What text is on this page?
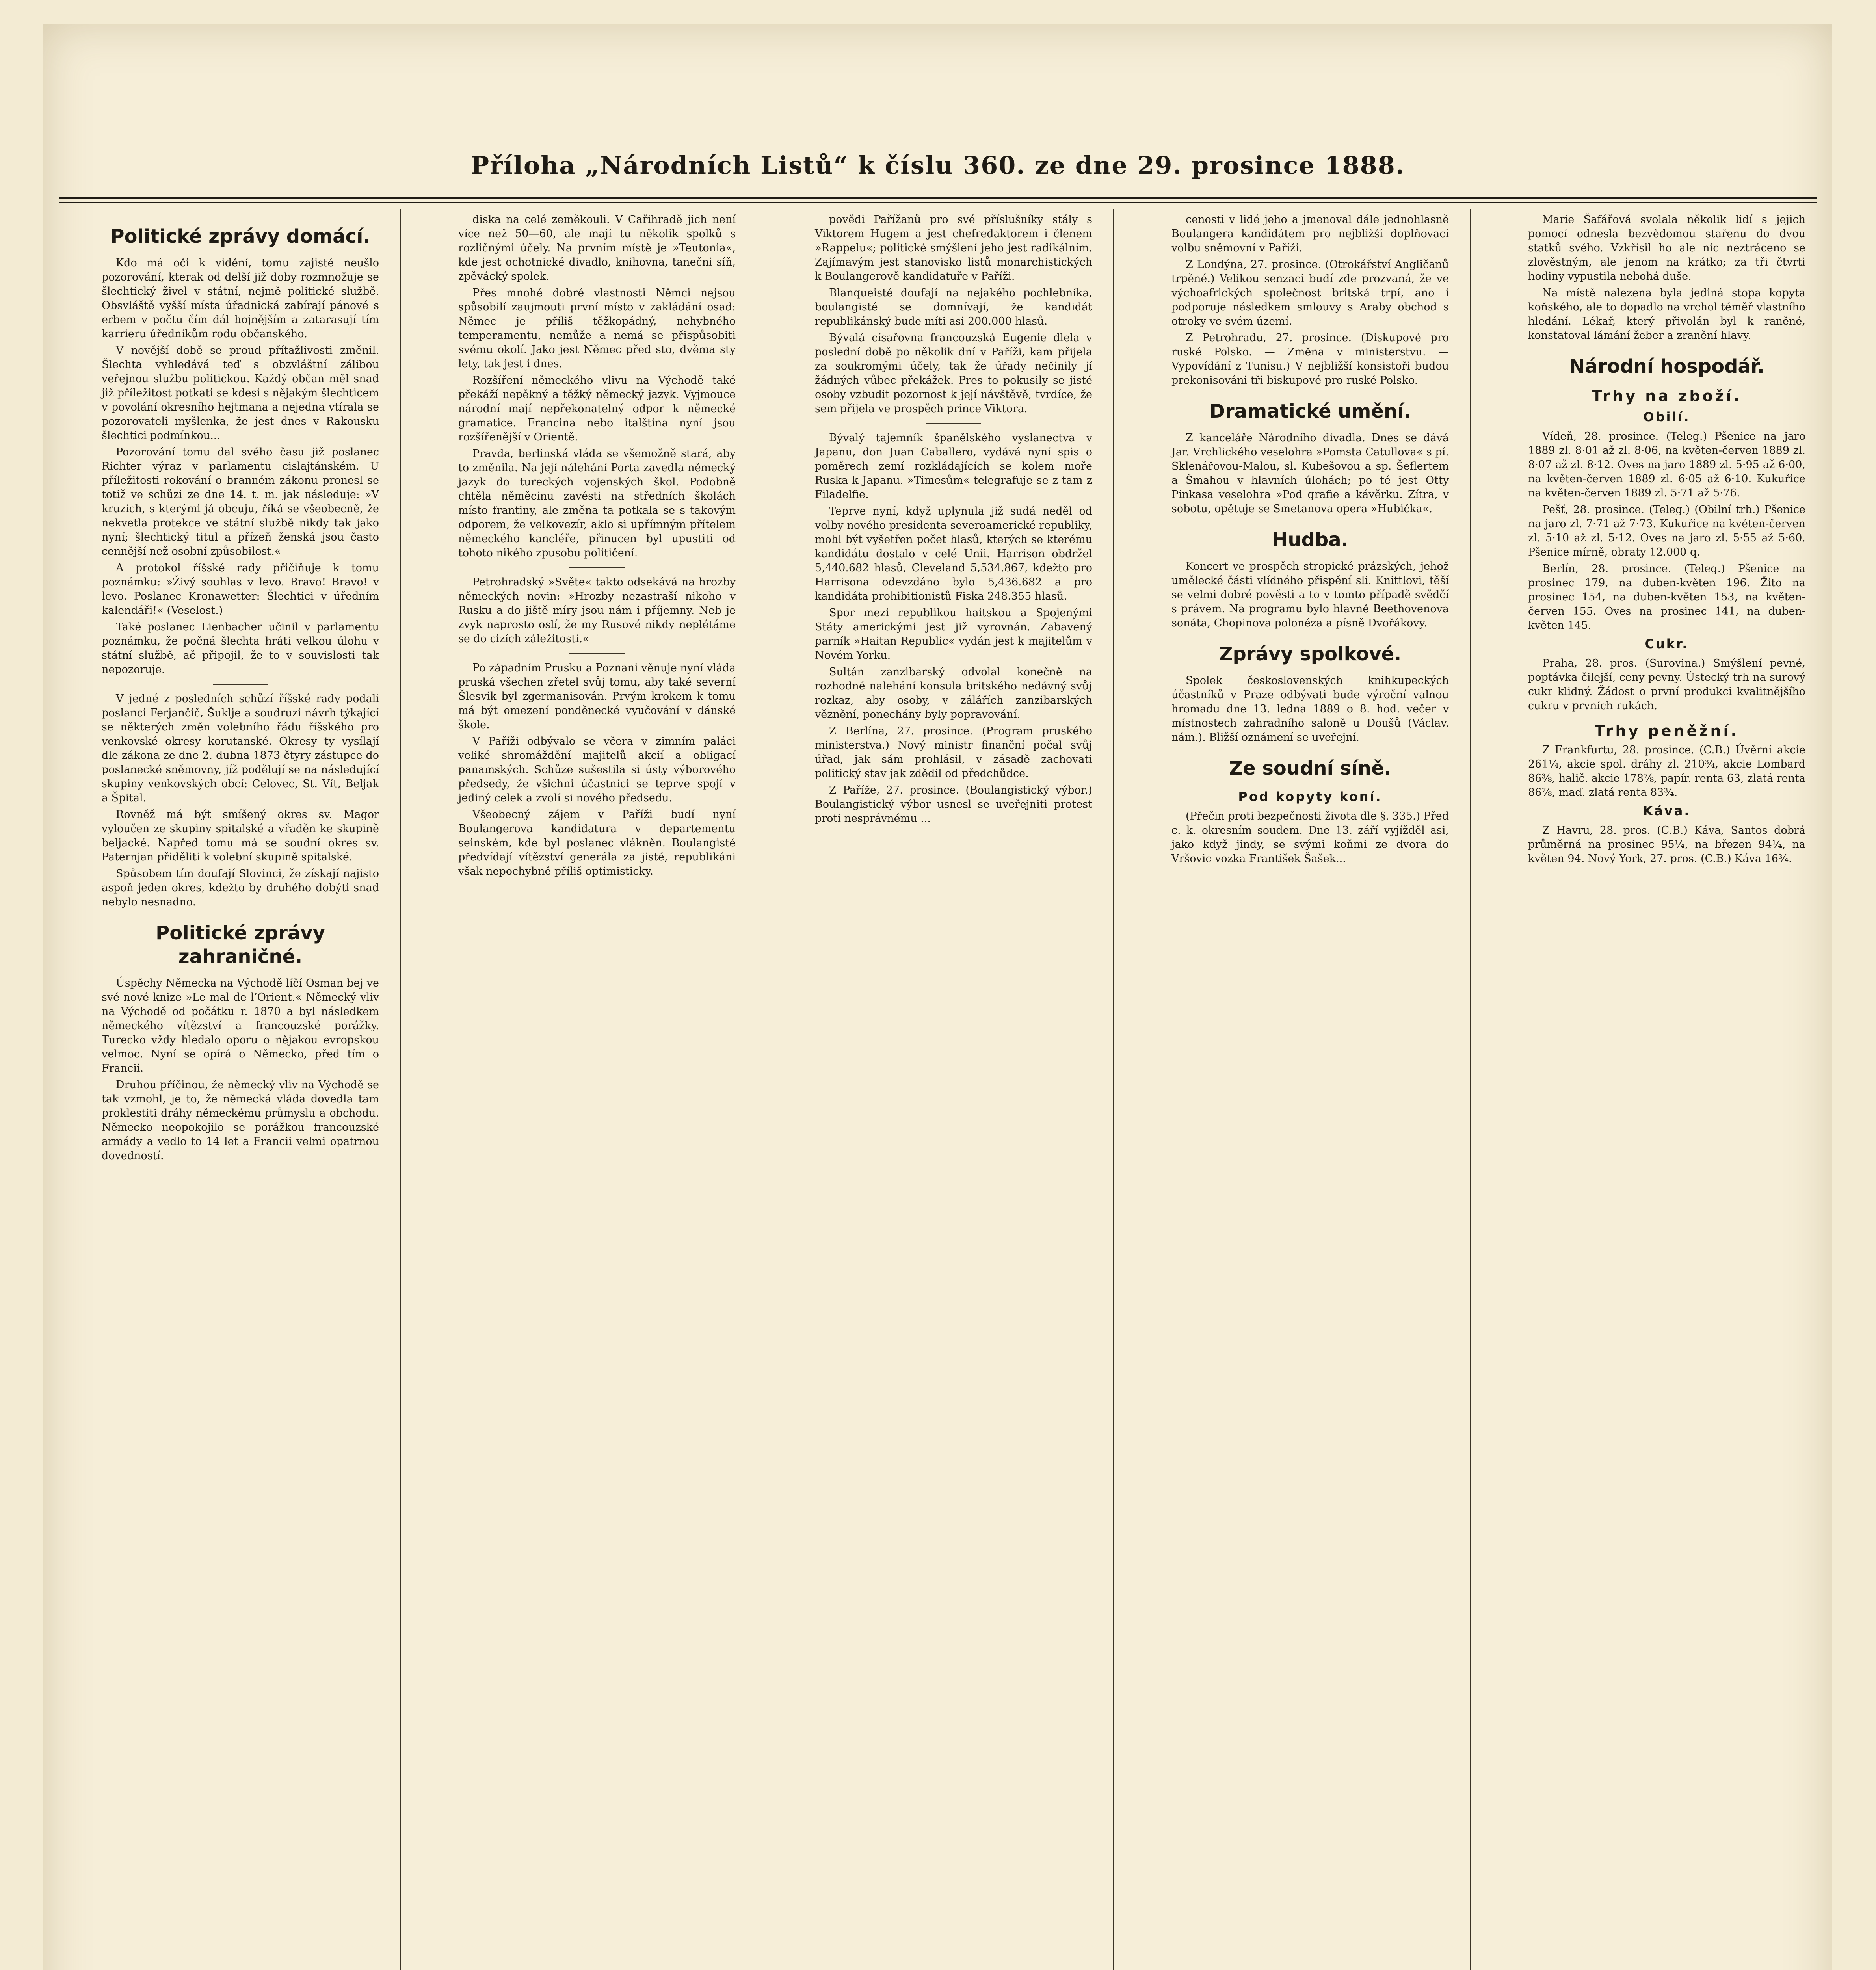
Příloha „Národních Listů“ k číslu 360. ze dne 29. prosince 1888.
Politické zprávy domácí.

Kdo má oči k vidění, tomu zajisté neušlo pozorování, kterak od delší již doby rozmnožuje se šlechtický živel v státní, nejmě politické službě. Obsvláště vyšší místa úřadnická zabírají pánové s erbem v počtu čím dál hojnějším a zatarasují tím karrieru úředníkům rodu občanského.

V novější době se proud přítažlivosti změnil. Šlechta vyhledává teď s obzvláštní zálibou veřejnou službu politickou. Každý občan měl snad již příležitost potkati se kdesi s nějakým šlechticem v povolání okresního hejtmana a nejedna vtírala se pozorovateli myšlenka, že jest dnes v Rakousku šlechtici podmínkou...

Pozorování tomu dal svého času již poslanec Richter výraz v parlamentu cislajtánském. U příležitosti rokování o branném zákonu pronesl se totiž ve schůzi ze dne 14. t. m. jak následuje: »V kruzích, s kterými já obcuju, říká se všeobecně, že nekvetla protekce ve státní službě nikdy tak jako nyní; šlechtický titul a přízeň ženská jsou často cennější než osobní způsobilost.«

A protokol říšské rady přičiňuje k tomu poznámku: »Živý souhlas v levo. Bravo! Bravo! v levo. Poslanec Kronawetter: Šlechtici v úředním kalendáři!« (Veselost.)

Také poslanec Lienbacher učinil v parlamentu poznámku, že počná šlechta hráti velkou úlohu v státní službě, ač připojil, že to v souvislosti tak nepozoruje.

V jedné z posledních schůzí říšské rady podali poslanci Ferjančič, Šuklje a soudruzi návrh týkající se některých změn volebního řádu říšského pro venkovské okresy korutanské. Okresy ty vysílají dle zákona ze dne 2. dubna 1873 čtyry zástupce do poslanecké sněmovny, jíž podělují se na následující skupiny venkovských obcí: Celovec, St. Vít, Beljak a Špital.

Rovněž má být smíšený okres sv. Magor vyloučen ze skupiny spitalské a vřaděn ke skupině beljacké. Napřed tomu má se soudní okres sv. Paternjan přiděliti k volební skupině spitalské.

Spůsobem tím doufají Slovinci, že získají najisto aspoň jeden okres, kdežto by druhého dobýti snad nebylo nesnadno.

Politické zprávy zahraničné.

Úspěchy Německa na Východě líčí Osman bej ve své nové knize »Le mal de l’Orient.« Německý vliv na Východě od počátku r. 1870 a byl následkem německého vítězství a francouzské porážky. Turecko vždy hledalo oporu o nějakou evropskou velmoc. Nyní se opírá o Německo, před tím o Francii.

Druhou příčinou, že německý vliv na Východě se tak vzmohl, je to, že německá vláda dovedla tam proklestiti dráhy německému průmyslu a obchodu. Německo neopokojilo se porážkou francouzské armády a vedlo to 14 let a Francii velmi opatrnou dovedností.

diska na celé zeměkouli. V Cařihradě jich není více než 50—60, ale mají tu několik spolků s rozličnými účely. Na prvním místě je »Teutonia«, kde jest ochotnické divadlo, knihovna, tanečni síň, zpěvácký spolek.

Přes mnohé dobré vlastnosti Němci nejsou spůsobilí zaujmouti první místo v zakládání osad: Němec je příliš těžkopádný, nehybného temperamentu, nemůže a nemá se přispůsobiti svému okolí. Jako jest Němec před sto, dvěma sty lety, tak jest i dnes.

Rozšíření německého vlivu na Východě také překáží nepěkný a těžký německý jazyk. Vyjmouce národní mají nepřekonatelný odpor k německé gramatice. Francina nebo italština nyní jsou rozšířenější v Orientě.

Pravda, berlinská vláda se všemožně stará, aby to změnila. Na její nálehání Porta zavedla německý jazyk do tureckých vojenských škol. Podobně chtěla něměcinu zavésti na středních školách místo frantiny, ale změna ta potkala se s takovým odporem, že velkovezír, aklo si upřímným přítelem německého kancléře, přinucen byl upustiti od tohoto nikého zpusobu političení.

Petrohradský »Světe« takto odsekává na hrozby německých novin: »Hrozby nezastraší nikoho v Rusku a do jiště míry jsou nám i příjemny. Neb je zvyk naprosto oslí, že my Rusové nikdy neplétáme se do cizích záležitostí.«

Po západním Prusku a Poznani věnuje nyní vláda pruská všechen zřetel svůj tomu, aby také severní Šlesvik byl zgermanisován. Prvým krokem k tomu má být omezení ponděnecké vyučování v dánské škole.

V Paříži odbývalo se včera v zimním paláci veliké shromáždění majitelů akcií a obligací panamských. Schůze sušestila si ústy výborového předsedy, že všichni účastníci se teprve spojí v jediný celek a zvolí si nového předsedu.

Všeobecný zájem v Paříži budí nyní Boulangerova kandidatura v departementu seinském, kde byl poslanec vlákněn. Boulangisté předvídají vítězství generála za jisté, republikáni však nepochybně příliš optimisticky.

povědi Pařížanů pro své příslušníky stály s Viktorem Hugem a jest chefredaktorem i členem »Rappelu«; politické smýšlení jeho jest radikálním. Zajímavým jest stanovisko listů monarchistických k Boulangerově kandidatuře v Paříži.

Blanqueisté doufají na nejakého pochlebníka, boulangisté se domnívají, že kandidát republikánský bude míti asi 200.000 hlasů.

Bývalá císařovna francouzská Eugenie dlela v poslední době po několik dní v Paříži, kam přijela za soukromými účely, tak že úřady nečinily jí žádných vůbec překážek. Pres to pokusily se jisté osoby vzbudit pozornost k její návštěvě, tvrdíce, že sem přijela ve prospěch prince Viktora.

Bývalý tajemník španělského vyslanectva v Japanu, don Juan Caballero, vydává nyní spis o poměrech zemí rozkládajících se kolem moře Ruska k Japanu. »Timesům« telegrafuje se z tam z Filadelfie.

Teprve nyní, když uplynula již sudá neděl od volby nového presidenta severoamerické republiky, mohl být vyšetřen počet hlasů, kterých se kterému kandidátu dostalo v celé Unii. Harrison obdržel 5,440.682 hlasů, Cleveland 5,534.867, kdežto pro Harrisona odevzdáno bylo 5,436.682 a pro kandidáta prohibitionistů Fiska 248.355 hlasů.

Spor mezi republikou haitskou a Spojenými Státy americkými jest již vyrovnán. Zabavený parník »Haitan Republic« vydán jest k majitelům v Novém Yorku.

Sultán zanzibarský odvolal konečně na rozhodné nalehání konsula britského nedávný svůj rozkaz, aby osoby, v zálářích zanzibarských věznění, ponechány byly popravování.

Z Berlína, 27. prosince. (Program pruského ministerstva.) Nový ministr finanční počal svůj úřad, jak sám prohlásil, v zásadě zachovati politický stav jak zdědil od předchůdce.

Z Paříže, 27. prosince. (Boulangistický výbor.) Boulangistický výbor usnesl se uveřejniti protest proti nesprávnému ...

cenosti v lidé jeho a jmenoval dále jednohlasně Boulangera kandidátem pro nejbližší doplňovací volbu sněmovní v Paříži.

Z Londýna, 27. prosince. (Otrokářství Angličanů trpěné.) Velikou senzaci budí zde prozvaná, že ve výchoafrických společnost britská trpí, ano i podporuje následkem smlouvy s Araby obchod s otroky ve svém území.

Z Petrohradu, 27. prosince. (Diskupové pro ruské Polsko. — Změna v ministerstvu. — Vypovídání z Tunisu.) V nejbližší konsistoři budou prekonisováni tři biskupové pro ruské Polsko.

Dramatické umění.

Z kanceláře Národního divadla. Dnes se dává Jar. Vrchlického veselohra »Pomsta Catullova« s pí. Sklenářovou-Malou, sl. Kubešovou a sp. Šeflertem a Šmahou v hlavních úlohách; po té jest Otty Pinkasa veselohra »Pod grafie a kávěrku. Zítra, v sobotu, opětuje se Smetanova opera »Hubička«.

Hudba.

Koncert ve prospěch stropické prázských, jehož umělecké části vlídného přispění sli. Knittlovi, těší se velmi dobré pověsti a to v tomto případě svědčí s právem. Na programu bylo hlavně Beethovenova sonáta, Chopinova polonéza a písně Dvořákovy.

Zprávy spolkové.

Spolek československých knihkupeckých účastníků v Praze odbývati bude výroční valnou hromadu dne 13. ledna 1889 o 8. hod. večer v místnostech zahradního saloně u Doušů (Václav. nám.). Bližší oznámení se uveřejní.

Ze soudní síně.
Pod kopyty koní.

(Přečin proti bezpečnosti života dle §. 335.) Před c. k. okresním soudem. Dne 13. září vyjížděl asi, jako když jindy, se svými koňmi ze dvora do Vršovic vozka František Šašek...

Marie Šafářová svolala několik lidí s jejich pomocí odnesla bezvědomou stařenu do dvou statků svého. Vzkřísil ho ale nic neztráceno se zlověstným, ale jenom na krátko; za tři čtvrti hodiny vypustila nebohá duše.

Na místě nalezena byla jediná stopa kopyta koňského, ale to dopadlo na vrchol téměř vlastního hledání. Lékař, který přivolán byl k raněné, konstatoval lámání žeber a zranění hlavy.

Národní hospodář.
Trhy na zboží.
Obilí.

Vídeň, 28. prosince. (Teleg.) Pšenice na jaro 1889 zl. 8·01 až zl. 8·06, na květen-červen 1889 zl. 8·07 až zl. 8·12. Oves na jaro 1889 zl. 5·95 až 6·00, na květen-červen 1889 zl. 6·05 až 6·10. Kukuřice na květen-červen 1889 zl. 5·71 až 5·76.

Pešť, 28. prosince. (Teleg.) (Obilní trh.) Pšenice na jaro zl. 7·71 až 7·73. Kukuřice na květen-červen zl. 5·10 až zl. 5·12. Oves na jaro zl. 5·55 až 5·60. Pšenice mírně, obraty 12.000 q.

Berlín, 28. prosince. (Teleg.) Pšenice na prosinec 179, na duben-květen 196. Žito na prosinec 154, na duben-květen 153, na květen-červen 155. Oves na prosinec 141, na duben-květen 145.

Cukr.

Praha, 28. pros. (Surovina.) Smýšlení pevné, poptávka čilejší, ceny pevny. Ústecký trh na surový cukr klidný. Žádost o první produkci kvalitnějšího cukru v prvních rukách.

Trhy peněžní.

Z Frankfurtu, 28. prosince. (C.B.) Úvěrní akcie 261¼, akcie spol. dráhy zl. 210¾, akcie Lombard 86⅜, halič. akcie 178⅞, papír. renta 63, zlatá renta 86⅞, maď. zlatá renta 83¾.

Káva.

Z Havru, 28. pros. (C.B.) Káva, Santos dobrá průměrná na prosinec 95¼, na březen 94¼, na květen 94. Nový York, 27. pros. (C.B.) Káva 16¾.
